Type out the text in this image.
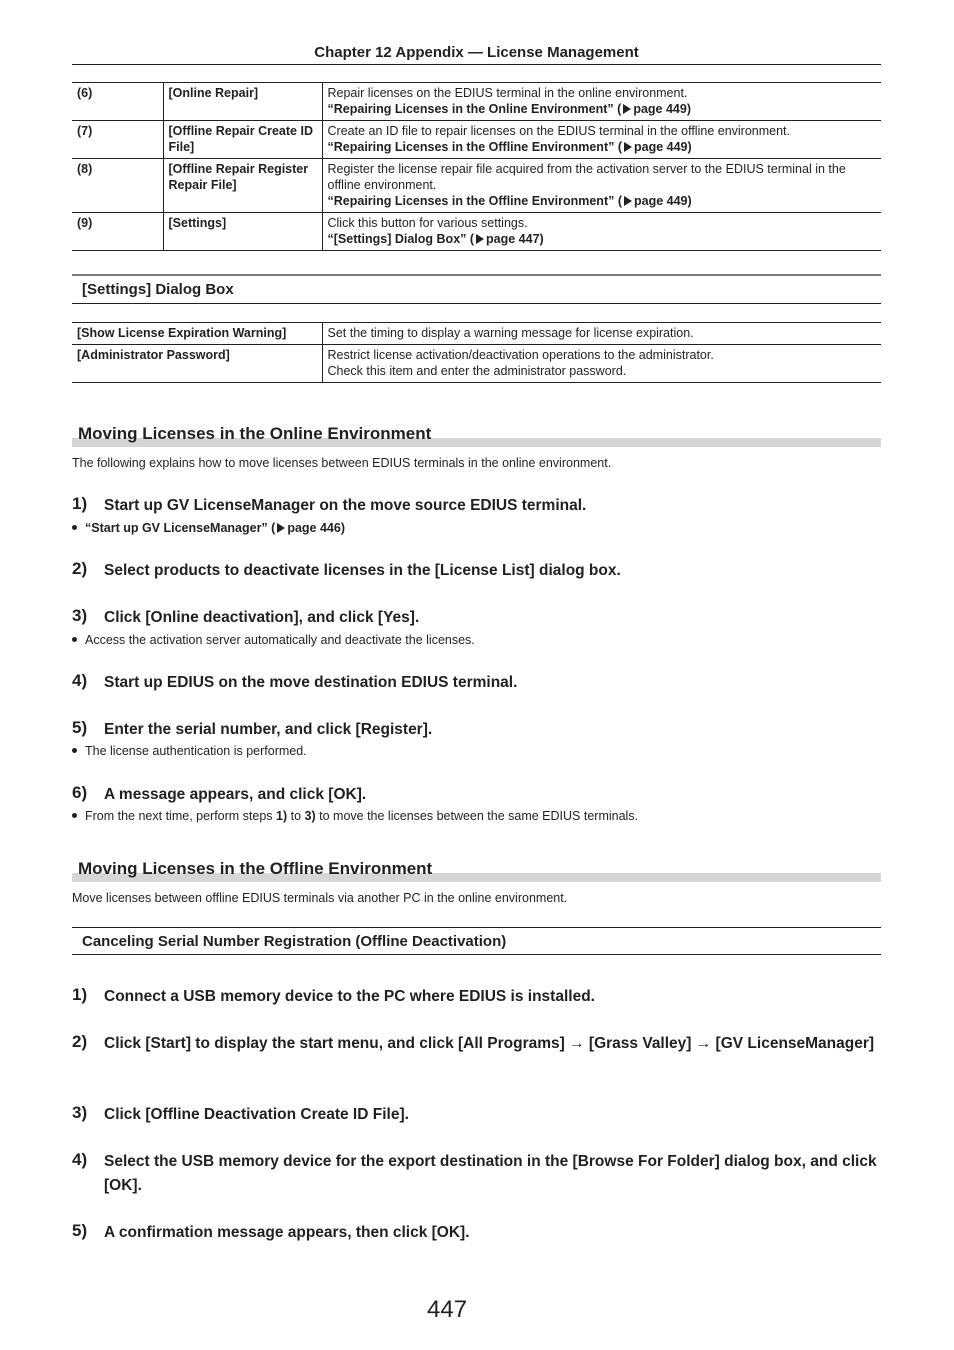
Chapter 12 Appendix — License Management
(6)	[Online Repair]	Repair licenses on the EDIUS terminal in the online environment.
“Repairing Licenses in the Online Environment” ( page 449)

(7)	[Offline Repair Create ID File]	Create an ID file to repair licenses on the EDIUS terminal in the offline environment.
“Repairing Licenses in the Offline Environment” ( page 449)

(8)	[Offline Repair Register Repair File]	Register the license repair file acquired from the activation server to the EDIUS terminal in the offline environment.
“Repairing Licenses in the Offline Environment” ( page 449)

(9)	[Settings]	Click this button for various settings.
“[Settings] Dialog Box” ( page 447)
[Settings] Dialog Box
[Show License Expiration Warning]	Set the timing to display a warning message for license expiration.
[Administrator Password]	Restrict license activation/deactivation operations to the administrator.
Check this item and enter the administrator password.
Moving Licenses in the Online Environment
The following explains how to move licenses between EDIUS terminals in the online environment.
1) Start up GV LicenseManager on the move source EDIUS terminal.
“Start up GV LicenseManager” ( page 446)
2) Select products to deactivate licenses in the [License List] dialog box.
3) Click [Online deactivation], and click [Yes].
Access the activation server automatically and deactivate the licenses.
4) Start up EDIUS on the move destination EDIUS terminal.
5) Enter the serial number, and click [Register].
The license authentication is performed.
6) A message appears, and click [OK].
From the next time, perform steps 1) to 3) to move the licenses between the same EDIUS terminals.
Moving Licenses in the Offline Environment
Move licenses between offline EDIUS terminals via another PC in the online environment.
Canceling Serial Number Registration (Offline Deactivation)
1) Connect a USB memory device to the PC where EDIUS is installed.
2) Click [Start] to display the start menu, and click [All Programs] → [Grass Valley] → [GV LicenseManager]
3) Click [Offline Deactivation Create ID File].
4) Select the USB memory device for the export destination in the [Browse For Folder] dialog box, and click [OK].
5) A confirmation message appears, then click [OK].
447
